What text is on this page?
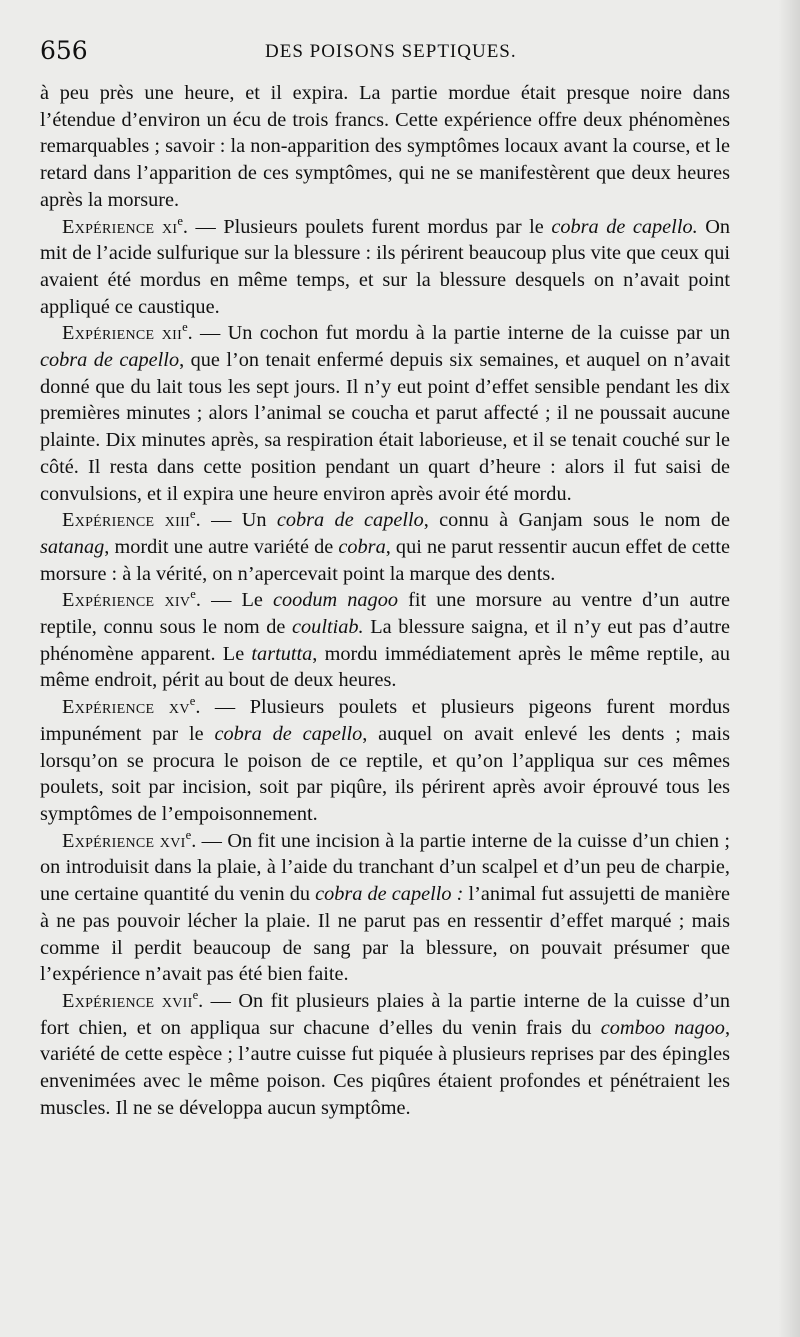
656	DES POISONS SEPTIQUES.

à peu près une heure, et il expira. La partie mordue était presque noire dans l’étendue d’environ un écu de trois francs. Cette expérience offre deux phénomènes remarquables ; savoir : la non-apparition des symptômes locaux avant la course, et le retard dans l’apparition de ces symptômes, qui ne se manifestèrent que deux heures après la morsure.

Expérience $xi^e$. — Plusieurs poulets furent mordus par le cobra de capello. On mit de l’acide sulfurique sur la blessure : ils périrent beaucoup plus vite que ceux qui avaient été mordus en même temps, et sur la blessure desquels on n’avait point appliqué ce caustique.

Expérience xii$^e$. — Un cochon fut mordu à la partie interne de la cuisse par un cobra de capello, que l’on tenait enfermé depuis six semaines, et auquel on n’avait donné que du lait tous les sept jours. Il n’y eut point d’effet sensible pendant les dix premières minutes ; alors l’animal se coucha et parut affecté ; il ne poussait aucune plainte. Dix minutes après, sa respiration était laborieuse, et il se tenait couché sur le côté. Il resta dans cette position pendant un quart d’heure : alors il fut saisi de convulsions, et il expira une heure environ après avoir été mordu.

Expérience xiii$^e$. — Un cobra de capello, connu à Ganjam sous le nom de satanag, mordit une autre variété de cobra, qui ne parut ressentir aucun effet de cette morsure : à la vérité, on n’apercevait point la marque des dents.

Expérience xiv$^e$. — Le coodum nagoo fit une morsure au ventre d’un autre reptile, connu sous le nom de coultiab. La blessure saigna, et il n’y eut pas d’autre phénomène apparent. Le tartutta, mordu immédiatement après le même reptile, au même endroit, périt au bout de deux heures.

Expérience $xv^e$. — Plusieurs poulets et plusieurs pigeons furent mordus impunément par le cobra de capello, auquel on avait enlevé les dents ; mais lorsqu’on se procura le poison de ce reptile, et qu’on l’appliqua sur ces mêmes poulets, soit par incision, soit par piqûre, ils périrent après avoir éprouvé tous les symptômes de l’empoisonnement.

Expérience xvi$^e$. — On fit une incision à la partie interne de la cuisse d’un chien ; on introduisit dans la plaie, à l’aide du tranchant d’un scalpel et d’un peu de charpie, une certaine quantité du venin du cobra de capello : l’animal fut assujetti de manière à ne pas pouvoir lécher la plaie. Il ne parut pas en ressentir d’effet marqué ; mais comme il perdit beaucoup de sang par la blessure, on pouvait présumer que l’expérience n’avait pas été bien faite.

Expérience xvii$^e$. — On fit plusieurs plaies à la partie interne de la cuisse d’un fort chien, et on appliqua sur chacune d’elles du venin frais du comboo nagoo, variété de cette espèce ; l’autre cuisse fut piquée à plusieurs reprises par des épingles envenimées avec le même poison. Ces piqûres étaient profondes et pénétraient les muscles. Il ne se développa aucun symptôme.
